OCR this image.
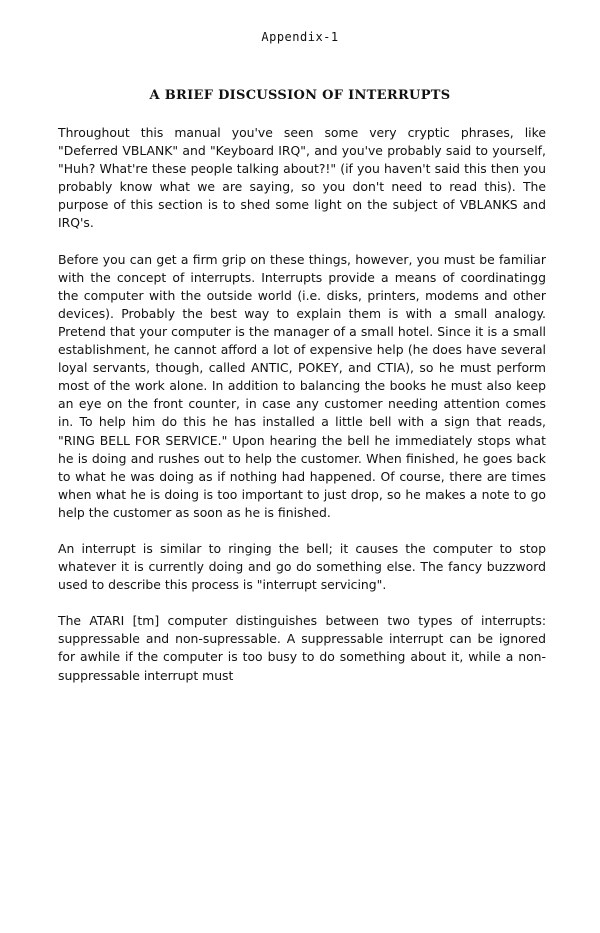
Appendix-1
A BRIEF DISCUSSION OF INTERRUPTS

Throughout this manual you've seen some very cryptic phrases, like "Deferred VBLANK" and "Keyboard IRQ", and you've probably said to yourself, "Huh? What're these people talking about?!" (if you haven't said this then you probably know what we are saying, so you don't need to read this). The purpose of this section is to shed some light on the subject of VBLANKS and IRQ's.

Before you can get a firm grip on these things, however, you must be familiar with the concept of interrupts. Interrupts provide a means of coordinatingg the computer with the outside world (i.e. disks, printers, modems and other devices). Probably the best way to explain them is with a small analogy. Pretend that your computer is the manager of a small hotel. Since it is a small establishment, he cannot afford a lot of expensive help (he does have several loyal servants, though, called ANTIC, POKEY, and CTIA), so he must perform most of the work alone. In addition to balancing the books he must also keep an eye on the front counter, in case any customer needing attention comes in. To help him do this he has installed a little bell with a sign that reads, "RING BELL FOR SERVICE." Upon hearing the bell he immediately stops what he is doing and rushes out to help the customer. When finished, he goes back to what he was doing as if nothing had happened. Of course, there are times when what he is doing is too important to just drop, so he makes a note to go help the customer as soon as he is finished.

An interrupt is similar to ringing the bell; it causes the computer to stop whatever it is currently doing and go do something else. The fancy buzzword used to describe this process is "interrupt servicing".

The ATARI [tm] computer distinguishes between two types of interrupts: suppressable and non-supressable. A suppressable interrupt can be ignored for awhile if the computer is too busy to do something about it, while a non-suppressable interrupt must
